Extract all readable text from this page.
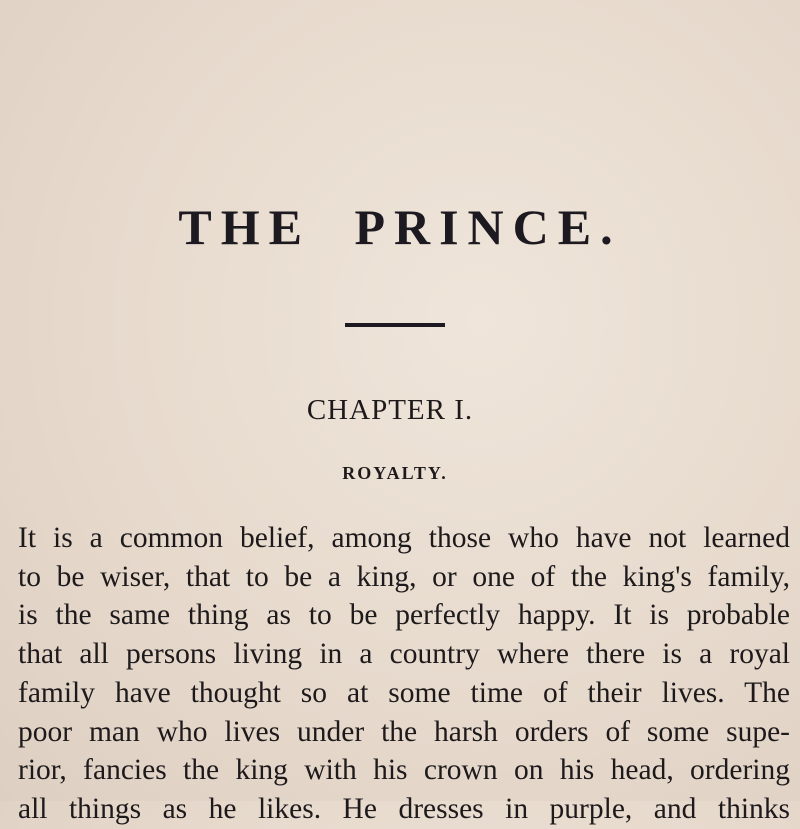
THE PRINCE.
CHAPTER I.
ROYALTY.
It is a common belief, among those who have not learned
to be wiser, that to be a king, or one of the king's family,
is the same thing as to be perfectly happy. It is probable
that all persons living in a country where there is a royal
family have thought so at some time of their lives. The
poor man who lives under the harsh orders of some supe-
rior, fancies the king with his crown on his head, ordering
all things as he likes. He dresses in purple, and thinks
